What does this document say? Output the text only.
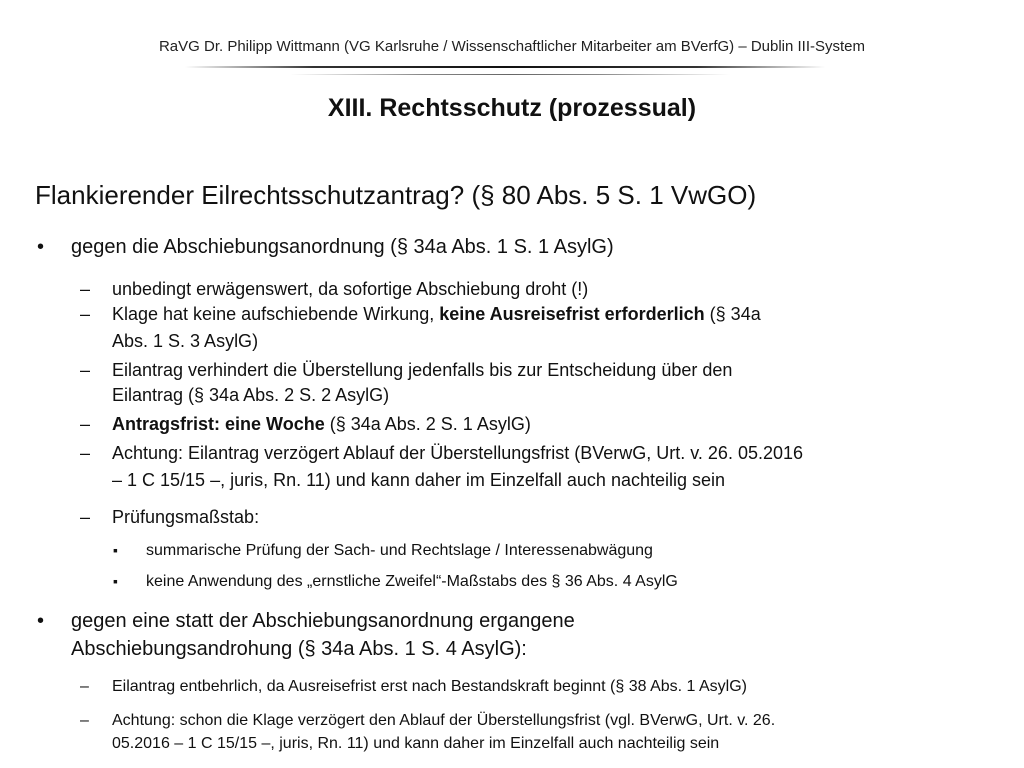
RaVG Dr. Philipp Wittmann (VG Karlsruhe / Wissenschaftlicher Mitarbeiter am BVerfG) – Dublin III-System
XIII. Rechtsschutz (prozessual)
Flankierender Eilrechtsschutzantrag? (§ 80 Abs. 5 S. 1 VwGO)
• gegen die Abschiebungsanordnung (§ 34a Abs. 1 S. 1 AsylG)
– unbedingt erwägenswert, da sofortige Abschiebung droht (!)
– Klage hat keine aufschiebende Wirkung, keine Ausreisefrist erforderlich (§ 34a
Abs. 1 S. 3 AsylG)
– Eilantrag verhindert die Überstellung jedenfalls bis zur Entscheidung über den
Eilantrag (§ 34a Abs. 2 S. 2 AsylG)
– Antragsfrist: eine Woche (§ 34a Abs. 2 S. 1 AsylG)
– Achtung: Eilantrag verzögert Ablauf der Überstellungsfrist (BVerwG, Urt. v. 26. 05.2016
– 1 C 15/15 –, juris, Rn. 11) und kann daher im Einzelfall auch nachteilig sein
– Prüfungsmaßstab:
▪ summarische Prüfung der Sach- und Rechtslage / Interessenabwägung
▪ keine Anwendung des „ernstliche Zweifel“-Maßstabs des § 36 Abs. 4 AsylG
• gegen eine statt der Abschiebungsanordnung ergangene
Abschiebungsandrohung (§ 34a Abs. 1 S. 4 AsylG):
– Eilantrag entbehrlich, da Ausreisefrist erst nach Bestandskraft beginnt (§ 38 Abs. 1 AsylG)
– Achtung: schon die Klage verzögert den Ablauf der Überstellungsfrist (vgl. BVerwG, Urt. v. 26.
05.2016 – 1 C 15/15 –, juris, Rn. 11) und kann daher im Einzelfall auch nachteilig sein
